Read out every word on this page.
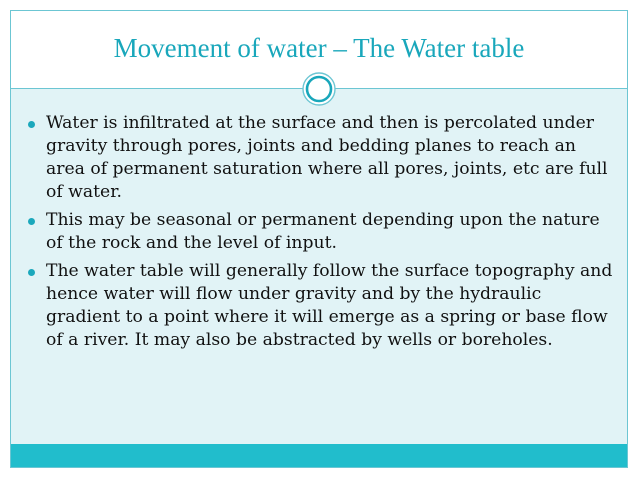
Movement of water – The Water table
Water is infiltrated at the surface and then is percolated under gravity through pores, joints and bedding planes to reach an area of permanent saturation where all pores, joints, etc are full of water.
This may be seasonal or permanent depending upon the nature of the rock and the level of input.
The water table will generally follow the surface topography and hence water will flow under gravity and by the hydraulic gradient to a point where it will emerge as a spring or base flow of a river. It may also be abstracted by wells or boreholes.
